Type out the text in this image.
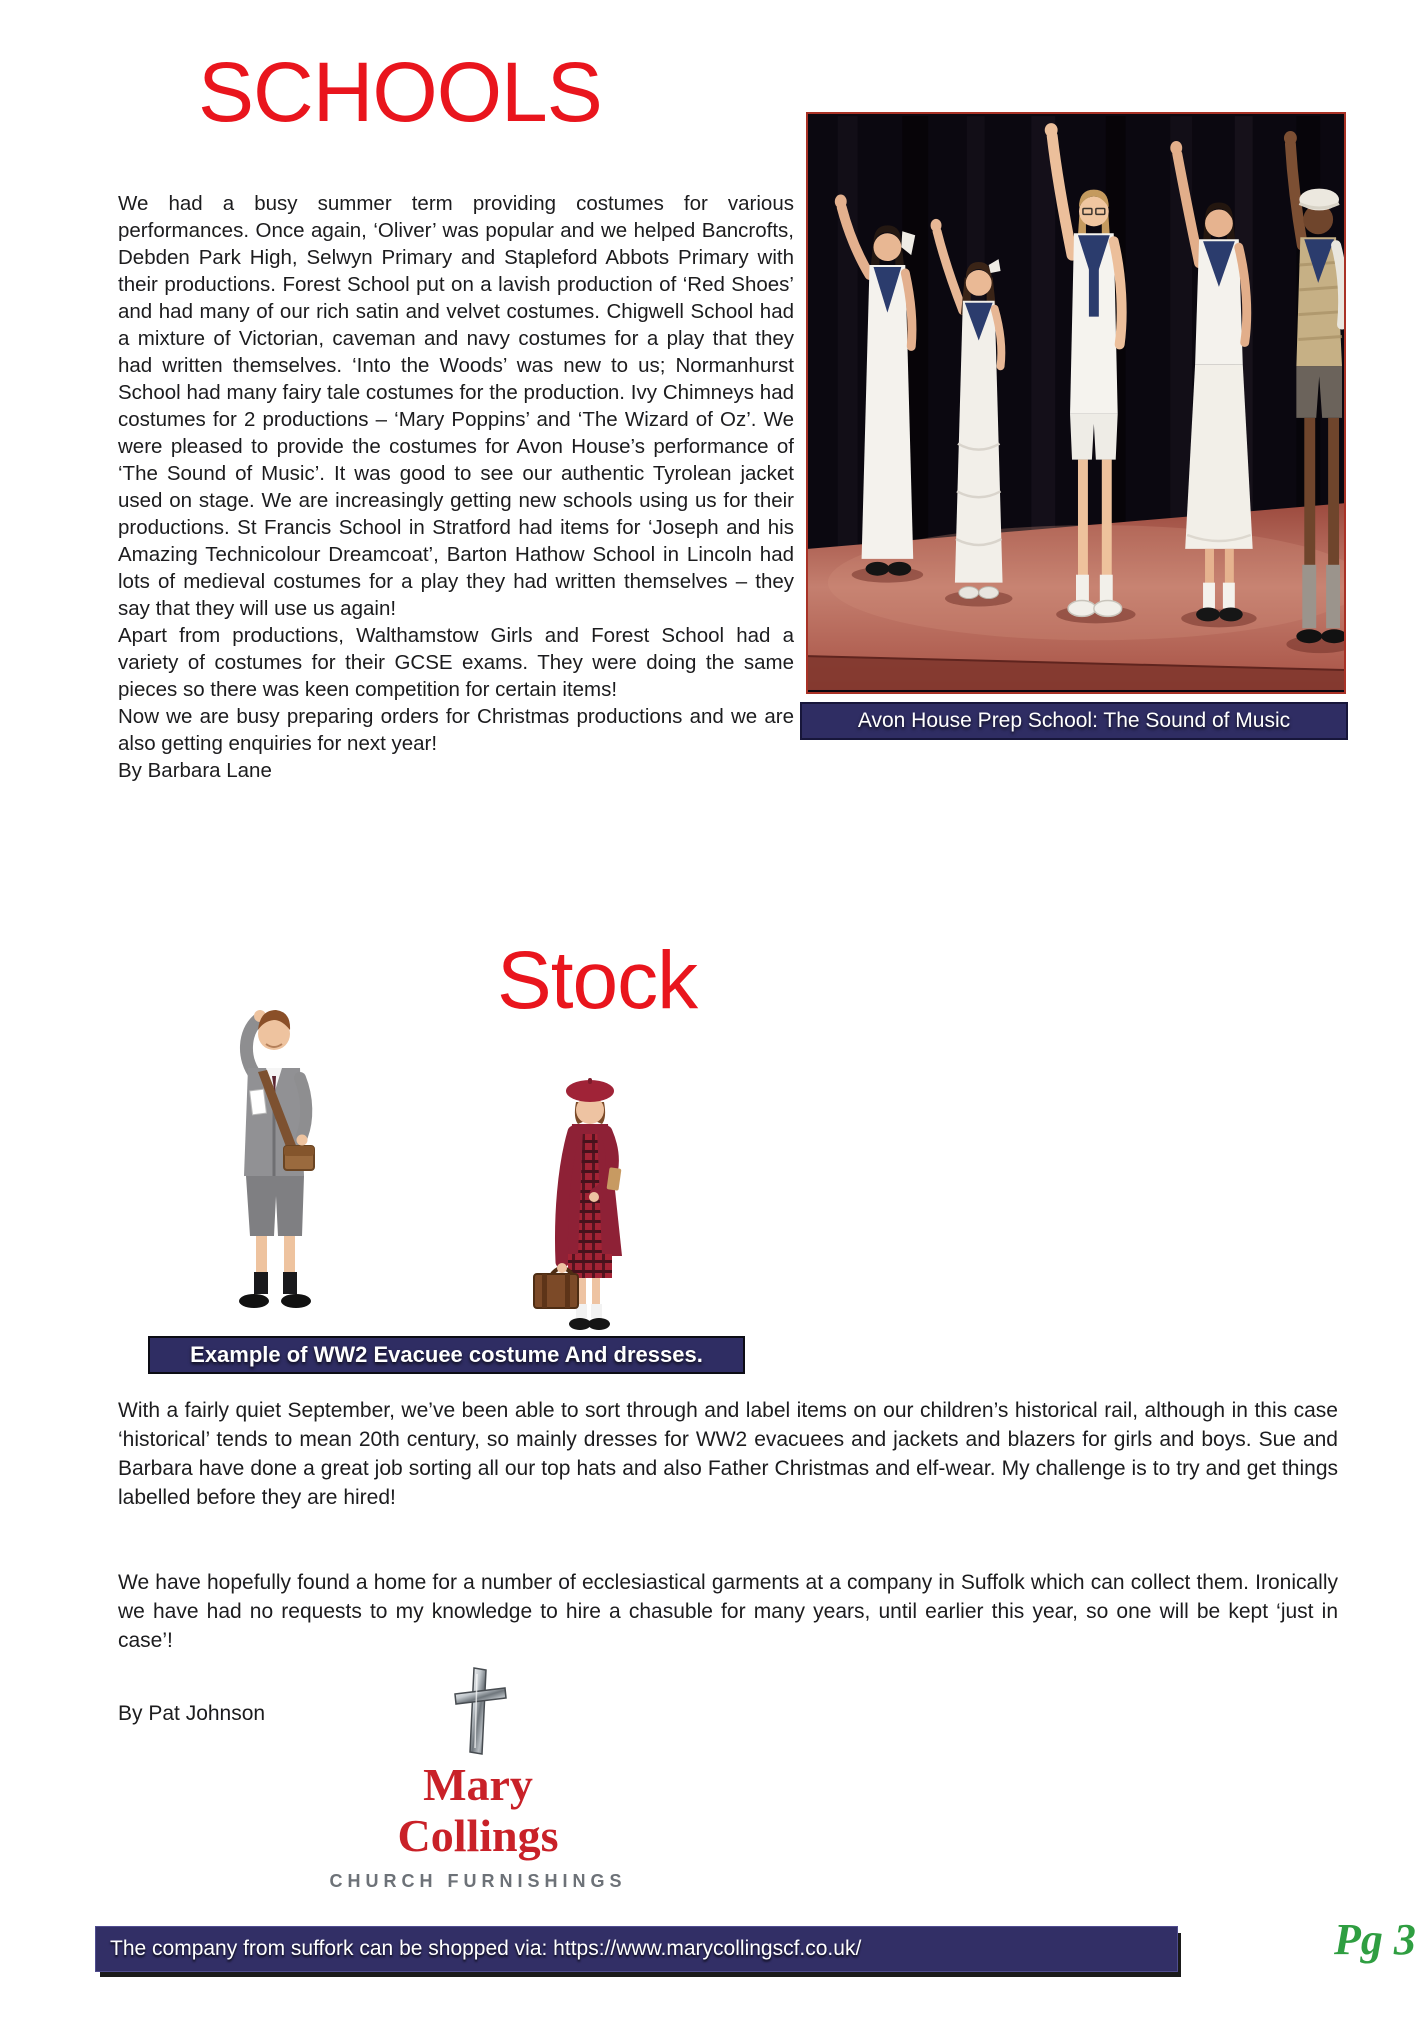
SCHOOLS

We had a busy summer term providing costumes for various performances. Once again, ‘Oliver’ was popular and we helped Bancrofts, Debden Park High, Selwyn Primary and Stapleford Abbots Primary with their productions. Forest School put on a lavish production of ‘Red Shoes’ and had many of our rich satin and velvet costumes. Chigwell School had a mixture of Victorian, caveman and navy costumes for a play that they had written themselves. ‘Into the Woods’ was new to us; Normanhurst School had many fairy tale costumes for the production. Ivy Chimneys had costumes for 2 productions – ‘Mary Poppins’ and ‘The Wizard of Oz’. We were pleased to provide the costumes for Avon House’s performance of ‘The Sound of Music’. It was good to see our authentic Tyrolean jacket used on stage. We are increasingly getting new schools using us for their productions. St Francis School in Stratford had items for ‘Joseph and his Amazing Technicolour Dreamcoat’, Barton Hathow School in Lincoln had lots of medieval costumes for a play they had written themselves – they say that they will use us again!

Apart from productions, Walthamstow Girls and Forest School had a variety of costumes for their GCSE exams. They were doing the same pieces so there was keen competition for certain items!

Now we are busy preparing orders for Christmas productions and we are also getting enquiries for next year!

By Barbara Lane

Avon House Prep School: The Sound of Music
Stock
Example of WW2 Evacuee costume And dresses.

With a fairly quiet September, we’ve been able to sort through and label items on our children’s historical rail, although in this case ‘historical’ tends to mean 20th century, so mainly dresses for WW2 evacuees and jackets and blazers for girls and boys. Sue and Barbara have done a great job sorting all our top hats and also Father Christmas and elf-wear. My challenge is to try and get things labelled before they are hired!

We have hopefully found a home for a number of ecclesiastical garments at a company in Suffolk which can collect them. Ironically we have had no requests to my knowledge to hire a chasuble for many years, until earlier this year, so one will be kept ‘just in case’!

By Pat Johnson
Mary
Collings
CHURCH FURNISHINGS
The company from suffork can be shopped via: https://www.marycollingscf.co.uk/	Pg 3
